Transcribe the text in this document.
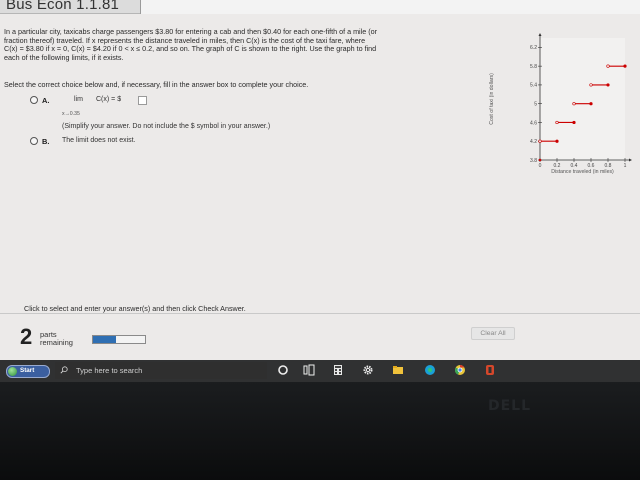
Bus Econ 1.1.81
In a particular city, taxicabs charge passengers $3.80 for entering a cab and then $0.40 for each one-fifth of a mile (or
fraction thereof) traveled. If x represents the distance traveled in miles, then C(x) is the cost of the taxi fare, where
C(x) = $3.80 if x = 0, C(x) = $4.20 if 0 < x ≤ 0.2, and so on. The graph of C is shown to the right. Use the graph to find
each of the following limits, if it exists.
Select the correct choice below and, if necessary, fill in the answer box to complete your choice.
A.	lim C(x) = $
x→0.35
(Simplify your answer. Do not include the $ symbol in your answer.)
B. The limit does not exist.
3.8
4.2
4.6
5
5.4
5.8
6.2
0 0.2 0.4 0.6 0.8 1
Distance traveled (in miles)
Cost of taxi (in dollars)
Click to select and enter your answer(s) and then click Check Answer.
2 parts
remaining
Clear All
Start	Type here to search
DELL
